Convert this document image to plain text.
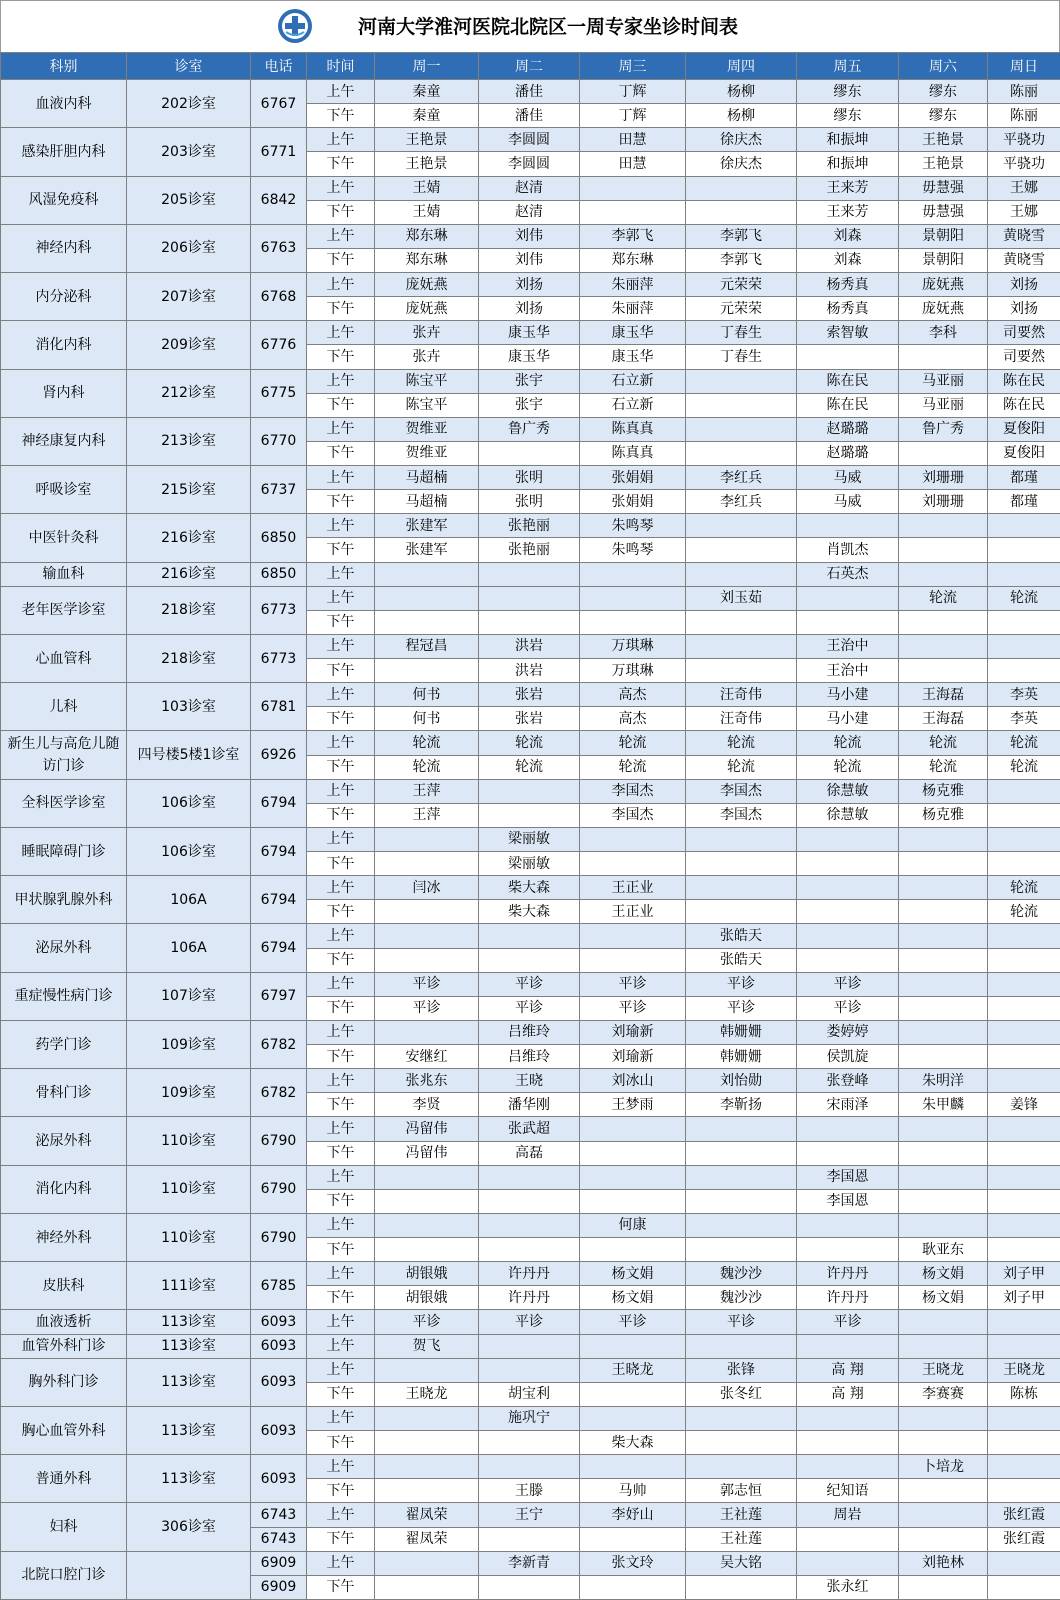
河南大学淮河医院北院区一周专家坐诊时间表
科别	诊室	电话	时间	周一	周二	周三	周四	周五	周六	周日
血液内科	202诊室	6767	上午	秦童	潘佳	丁辉	杨柳	缪东	缪东	陈丽
			下午	秦童	潘佳	丁辉	杨柳	缪东	缪东	陈丽
感染肝胆内科	203诊室	6771	上午	王艳景	李圆圆	田慧	徐庆杰	和振坤	王艳景	平骁功
			下午	王艳景	李圆圆	田慧	徐庆杰	和振坤	王艳景	平骁功
风湿免疫科	205诊室	6842	上午	王婧	赵清			王来芳	毋慧强	王娜
			下午	王婧	赵清			王来芳	毋慧强	王娜
神经内科	206诊室	6763	上午	郑东琳	刘伟	李郭飞	李郭飞	刘森	景朝阳	黄晓雪
			下午	郑东琳	刘伟	郑东琳	李郭飞	刘森	景朝阳	黄晓雪
内分泌科	207诊室	6768	上午	庞妩燕	刘扬	朱丽萍	元荣荣	杨秀真	庞妩燕	刘扬
			下午	庞妩燕	刘扬	朱丽萍	元荣荣	杨秀真	庞妩燕	刘扬
消化内科	209诊室	6776	上午	张卉	康玉华	康玉华	丁春生	索智敏	李科	司要然
			下午	张卉	康玉华	康玉华	丁春生			司要然
肾内科	212诊室	6775	上午	陈宝平	张宇	石立新		陈在民	马亚丽	陈在民
			下午	陈宝平	张宇	石立新		陈在民	马亚丽	陈在民
神经康复内科	213诊室	6770	上午	贺维亚	鲁广秀	陈真真		赵璐璐	鲁广秀	夏俊阳
			下午	贺维亚		陈真真		赵璐璐		夏俊阳
呼吸诊室	215诊室	6737	上午	马超楠	张明	张娟娟	李红兵	马威	刘珊珊	都瑾
			下午	马超楠	张明	张娟娟	李红兵	马威	刘珊珊	都瑾
中医针灸科	216诊室	6850	上午	张建军	张艳丽	朱鸣琴				
			下午	张建军	张艳丽	朱鸣琴		肖凯杰		
输血科	216诊室	6850	上午					石英杰		
老年医学诊室	218诊室	6773	上午				刘玉茹		轮流	轮流
			下午							
心血管科	218诊室	6773	上午	程冠昌	洪岩	万琪琳		王治中		
			下午		洪岩	万琪琳		王治中		
儿科	103诊室	6781	上午	何书	张岩	高杰	汪奇伟	马小建	王海磊	李英
			下午	何书	张岩	高杰	汪奇伟	马小建	王海磊	李英
新生儿与高危儿随访门诊	四号楼5楼1诊室	6926	上午	轮流	轮流	轮流	轮流	轮流	轮流	轮流
			下午	轮流	轮流	轮流	轮流	轮流	轮流	轮流
全科医学诊室	106诊室	6794	上午	王萍		李国杰	李国杰	徐慧敏	杨克雅	
			下午	王萍		李国杰	李国杰	徐慧敏	杨克雅	
睡眠障碍门诊	106诊室	6794	上午		梁丽敏					
			下午		梁丽敏					
甲状腺乳腺外科	106A	6794	上午	闫冰	柴大森	王正业				轮流
			下午		柴大森	王正业				轮流
泌尿外科	106A	6794	上午				张皓天			
			下午				张皓天			
重症慢性病门诊	107诊室	6797	上午	平诊	平诊	平诊	平诊	平诊		
			下午	平诊	平诊	平诊	平诊	平诊		
药学门诊	109诊室	6782	上午		吕维玲	刘瑜新	韩姗姗	娄婷婷		
			下午	安继红	吕维玲	刘瑜新	韩姗姗	侯凯旋		
骨科门诊	109诊室	6782	上午	张兆东	王晓	刘冰山	刘怡勋	张登峰	朱明洋	
			下午	李贤	潘华刚	王梦雨	李靳扬	宋雨泽	朱甲麟	姜锋
泌尿外科	110诊室	6790	上午	冯留伟	张武超					
			下午	冯留伟	高磊					
消化内科	110诊室	6790	上午					李国恩		
			下午					李国恩		
神经外科	110诊室	6790	上午			何康				
			下午						耿亚东	
皮肤科	111诊室	6785	上午	胡银娥	许丹丹	杨文娟	魏沙沙	许丹丹	杨文娟	刘子甲
			下午	胡银娥	许丹丹	杨文娟	魏沙沙	许丹丹	杨文娟	刘子甲
血液透析	113诊室	6093	上午	平诊	平诊	平诊	平诊	平诊		
血管外科门诊	113诊室	6093	上午	贺飞						
胸外科门诊	113诊室	6093	上午			王晓龙	张锋	高 翔	王晓龙	王晓龙
			下午	王晓龙	胡宝利		张冬红	高 翔	李赛赛	陈栋
胸心血管外科	113诊室	6093	上午		施巩宁					
			下午			柴大森				
普通外科	113诊室	6093	上午						卜培龙	
			下午		王滕	马帅	郭志恒	纪知语		
妇科	306诊室	6743	上午	翟凤荣	王宁	李妤山	王社莲	周岩		张红霞
		6743	下午	翟凤荣			王社莲			张红霞
北院口腔门诊		6909	上午		李新青	张文玲	吴大铭		刘艳林	
		6909	下午					张永红		
